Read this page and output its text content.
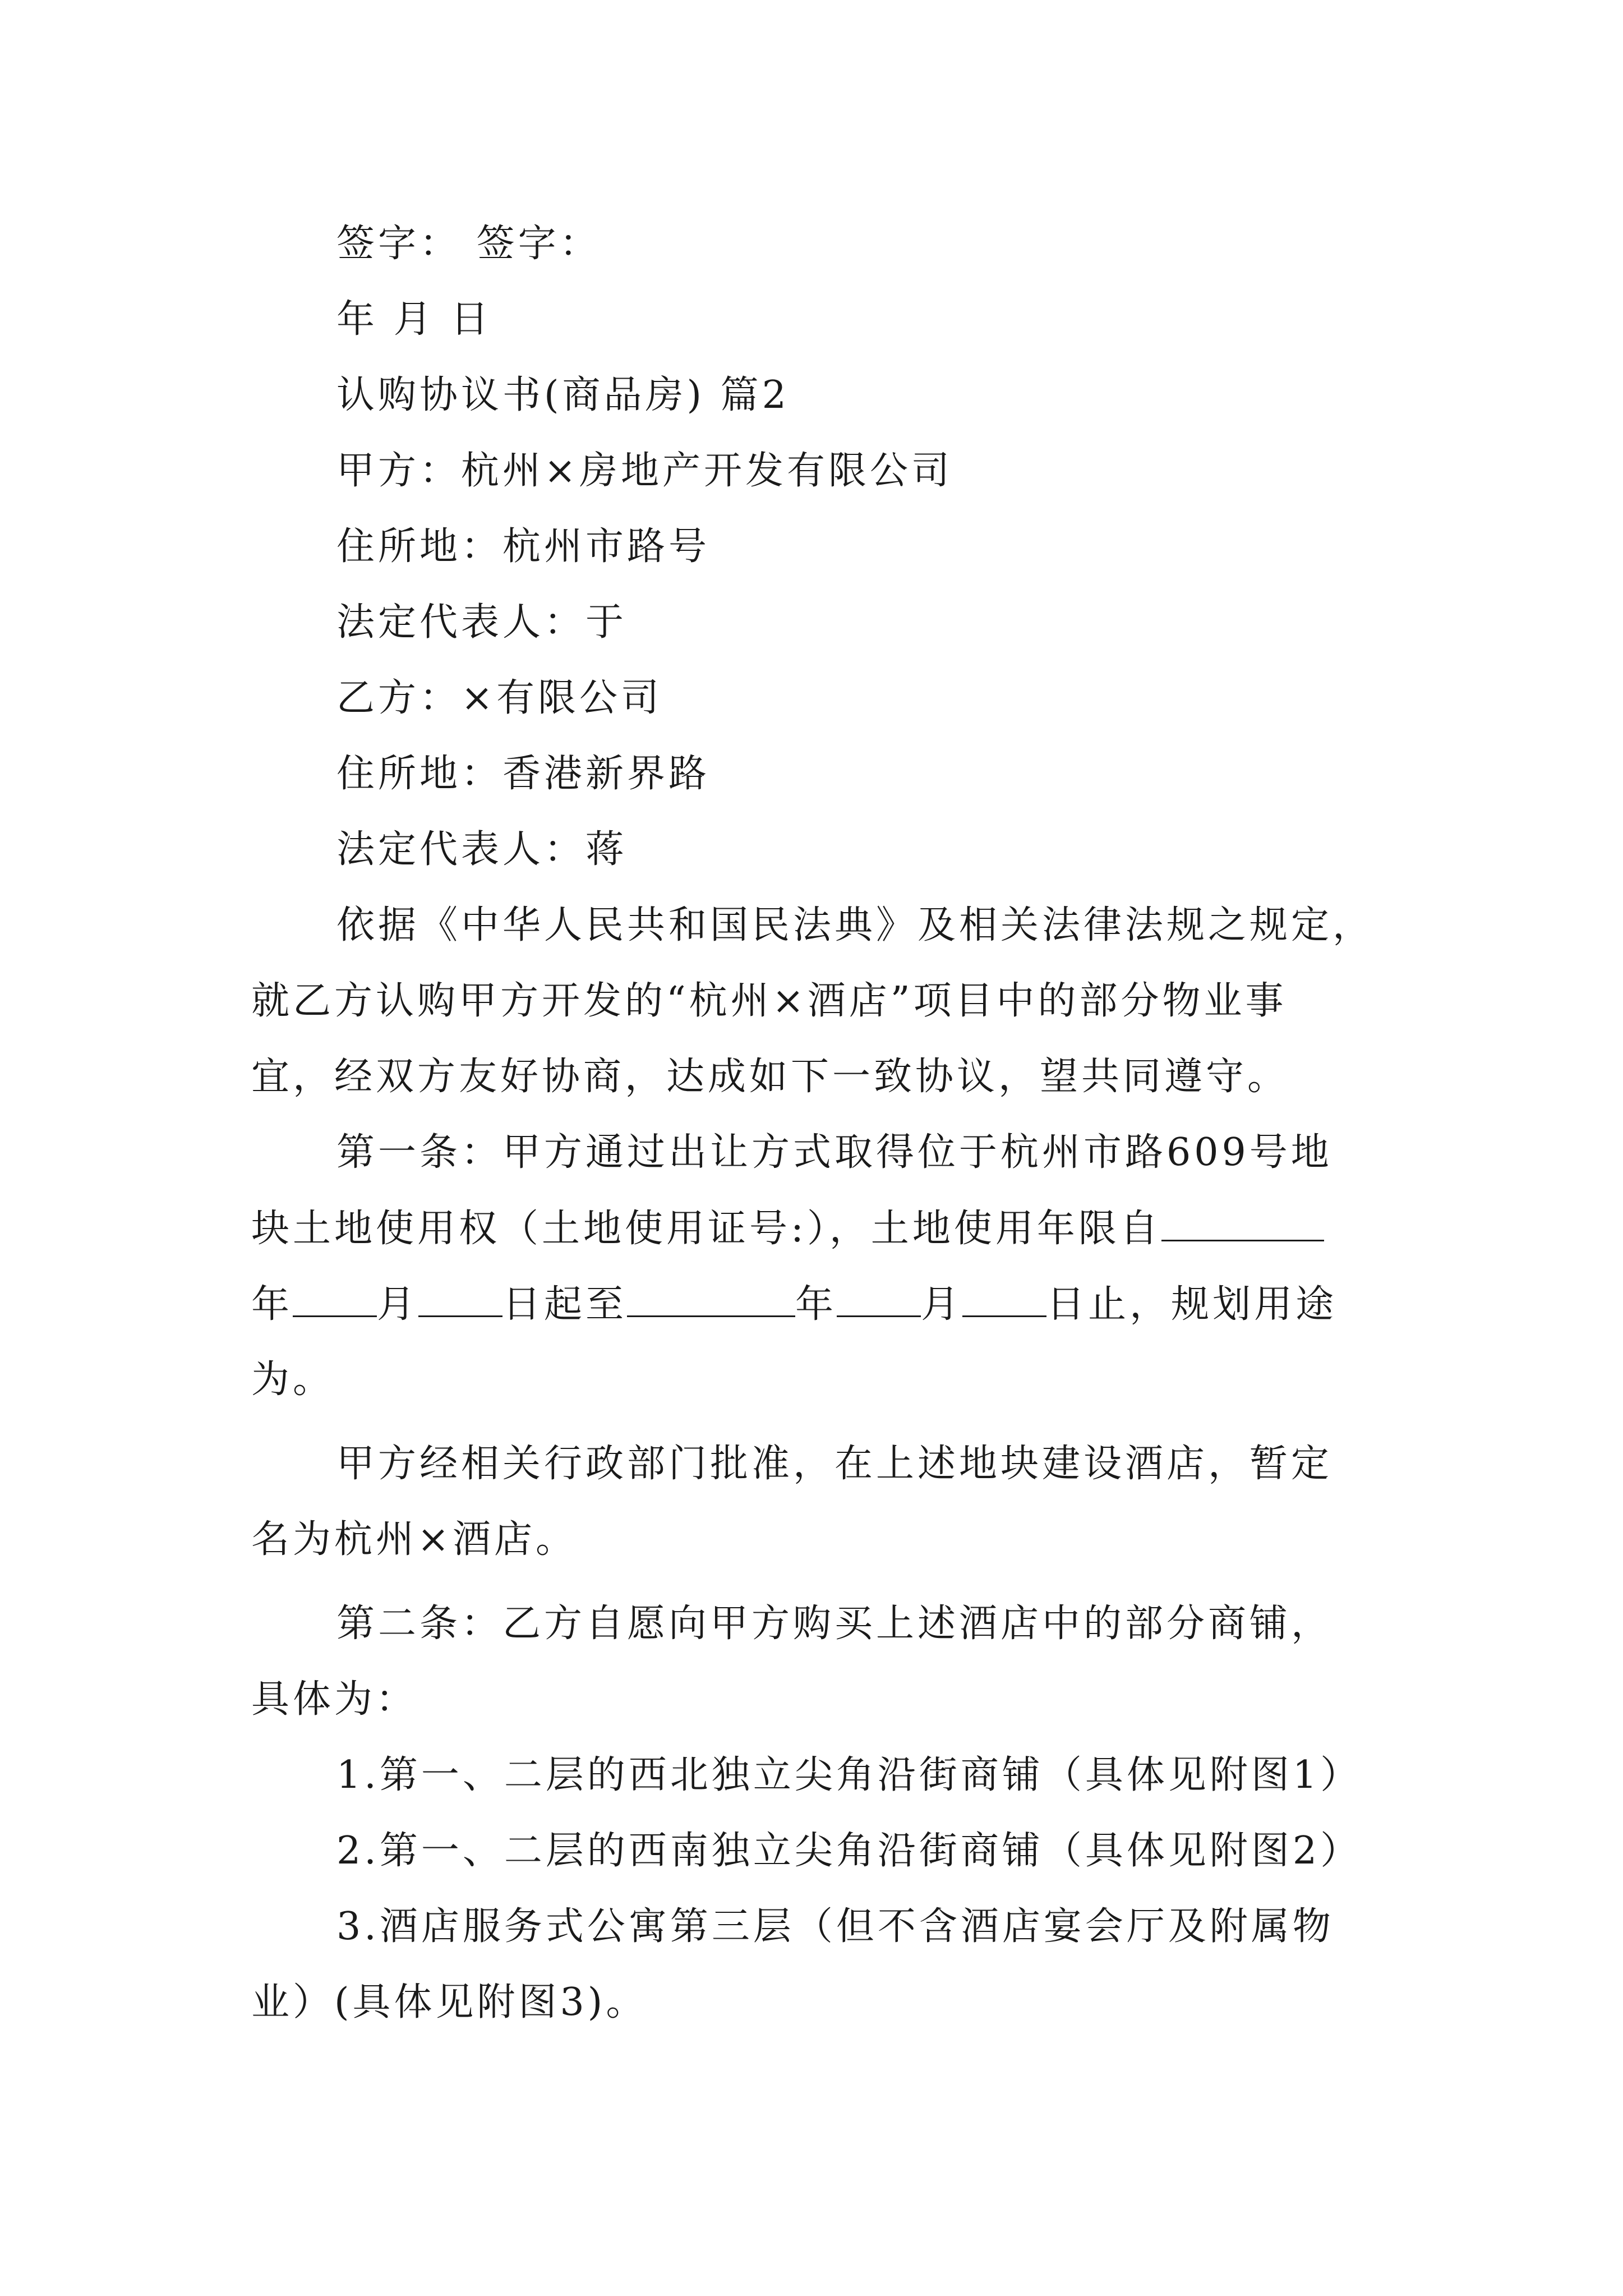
签字： 签字：
年 月 日
认购协议书(商品房) 篇2
甲方：杭州×房地产开发有限公司
住所地：杭州市路号
法定代表人：于
乙方：×有限公司
住所地：香港新界路
法定代表人：蒋
依据《中华人民共和国民法典》及相关法律法规之规定，
就乙方认购甲方开发的“杭州×酒店”项目中的部分物业事
宜，经双方友好协商，达成如下一致协议，望共同遵守。
第一条：甲方通过出让方式取得位于杭州市路609号地
块土地使用权（土地使用证号:），土地使用年限自
年 月 日起至	年 月 日止，规划用途
为。
甲方经相关行政部门批准，在上述地块建设酒店，暂定
名为杭州×酒店。
第二条：乙方自愿向甲方购买上述酒店中的部分商铺，
具体为：
1.第一、二层的西北独立尖角沿街商铺（具体见附图1）
2.第一、二层的西南独立尖角沿街商铺（具体见附图2）
3.酒店服务式公寓第三层（但不含酒店宴会厅及附属物
业）(具体见附图3)。
